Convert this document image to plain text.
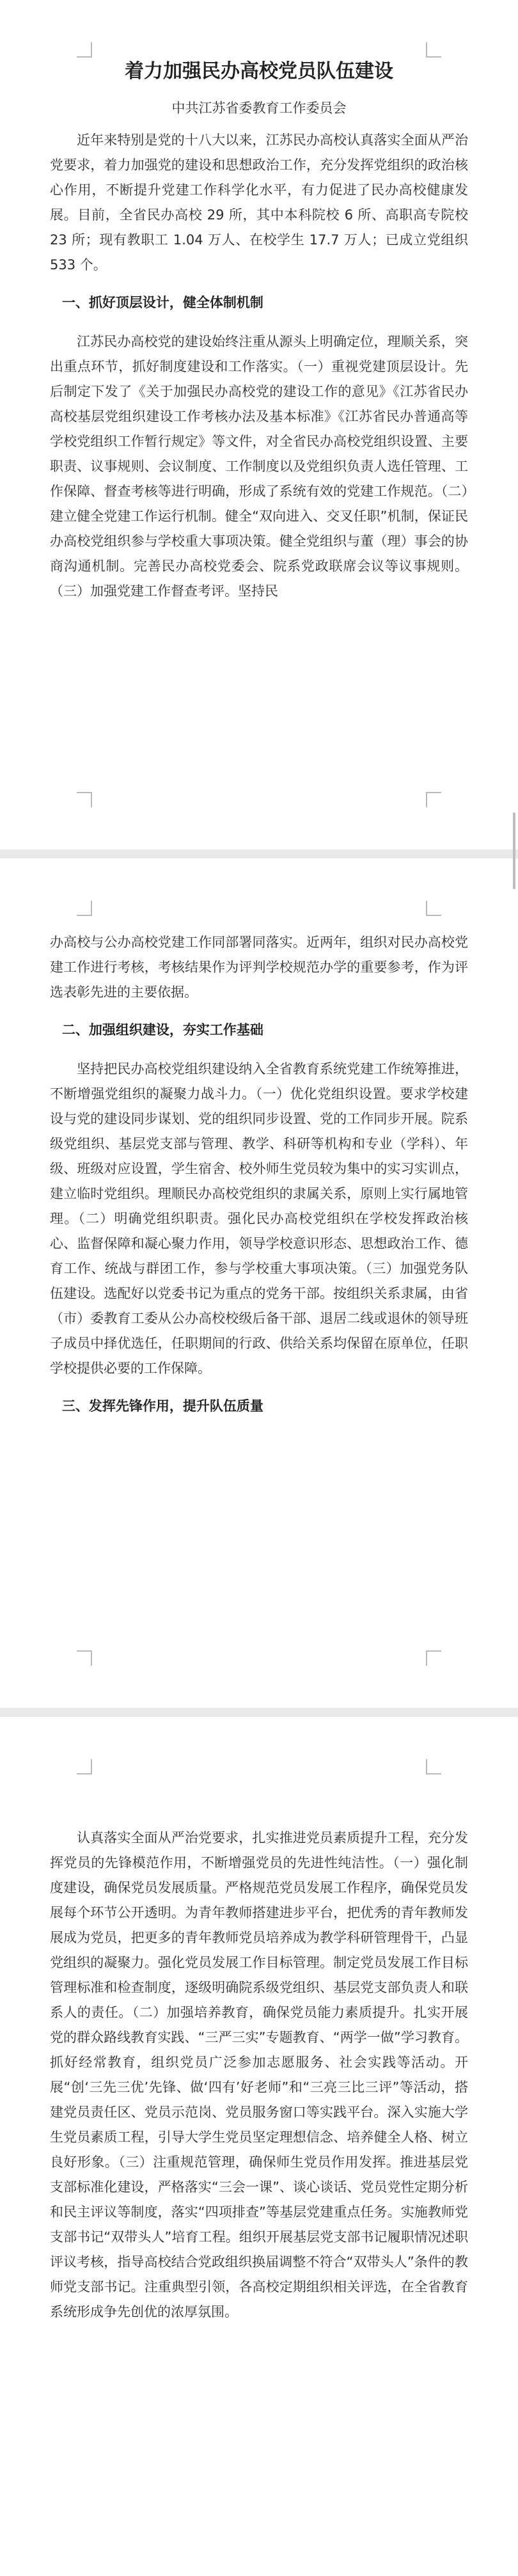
着力加强民办高校党员队伍建设
中共江苏省委教育工作委员会

近年来特别是党的十八大以来，江苏民办高校认真落实全面从严治党要求，着力加强党的建设和思想政治工作，充分发挥党组织的政治核心作用，不断提升党建工作科学化水平，有力促进了民办高校健康发展。目前，全省民办高校 29 所，其中本科院校 6 所、高职高专院校 23 所；现有教职工 1.04 万人、在校学生 17.7 万人；已成立党组织 533 个。

一、抓好顶层设计，健全体制机制

江苏民办高校党的建设始终注重从源头上明确定位，理顺关系，突出重点环节，抓好制度建设和工作落实。（一）重视党建顶层设计。先后制定下发了《关于加强民办高校党的建设工作的意见》《江苏省民办高校基层党组织建设工作考核办法及基本标准》《江苏省民办普通高等学校党组织工作暂行规定》等文件，对全省民办高校党组织设置、主要职责、议事规则、会议制度、工作制度以及党组织负责人选任管理、工作保障、督查考核等进行明确，形成了系统有效的党建工作规范。（二）建立健全党建工作运行机制。健全“双向进入、交叉任职”机制，保证民办高校党组织参与学校重大事项决策。健全党组织与董（理）事会的协商沟通机制。完善民办高校党委会、院系党政联席会议等议事规则。（三）加强党建工作督查考评。坚持民

办高校与公办高校党建工作同部署同落实。近两年，组织对民办高校党建工作进行考核，考核结果作为评判学校规范办学的重要参考，作为评选表彰先进的主要依据。

二、加强组织建设，夯实工作基础

坚持把民办高校党组织建设纳入全省教育系统党建工作统筹推进，不断增强党组织的凝聚力战斗力。（一）优化党组织设置。要求学校建设与党的建设同步谋划、党的组织同步设置、党的工作同步开展。院系级党组织、基层党支部与管理、教学、科研等机构和专业（学科）、年级、班级对应设置，学生宿舍、校外师生党员较为集中的实习实训点，建立临时党组织。理顺民办高校党组织的隶属关系，原则上实行属地管理。（二）明确党组织职责。强化民办高校党组织在学校发挥政治核心、监督保障和凝心聚力作用，领导学校意识形态、思想政治工作、德育工作、统战与群团工作，参与学校重大事项决策。（三）加强党务队伍建设。选配好以党委书记为重点的党务干部。按组织关系隶属，由省（市）委教育工委从公办高校校级后备干部、退居二线或退休的领导班子成员中择优选任，任职期间的行政、供给关系均保留在原单位，任职学校提供必要的工作保障。

三、发挥先锋作用，提升队伍质量

认真落实全面从严治党要求，扎实推进党员素质提升工程，充分发挥党员的先锋模范作用，不断增强党员的先进性纯洁性。（一）强化制度建设，确保党员发展质量。严格规范党员发展工作程序，确保党员发展每个环节公开透明。为青年教师搭建进步平台，把优秀的青年教师发展成为党员，把更多的青年教师党员培养成为教学科研管理骨干，凸显党组织的凝聚力。强化党员发展工作目标管理。制定党员发展工作目标管理标准和检查制度，逐级明确院系级党组织、基层党支部负责人和联系人的责任。（二）加强培养教育，确保党员能力素质提升。扎实开展党的群众路线教育实践、“三严三实”专题教育、“两学一做”学习教育。抓好经常教育，组织党员广泛参加志愿服务、社会实践等活动。开展“创‘三先三优’先锋、做‘四有’好老师”和“三亮三比三评”等活动，搭建党员责任区、党员示范岗、党员服务窗口等实践平台。深入实施大学生党员素质工程，引导大学生党员坚定理想信念、培养健全人格、树立良好形象。（三）注重规范管理，确保师生党员作用发挥。推进基层党支部标准化建设，严格落实“三会一课”、谈心谈话、党员党性定期分析和民主评议等制度，落实“四项排查”等基层党建重点任务。实施教师党支部书记“双带头人”培育工程。组织开展基层党支部书记履职情况述职评议考核，指导高校结合党政组织换届调整不符合“双带头人”条件的教师党支部书记。注重典型引领，各高校定期组织相关评选，在全省教育系统形成争先创优的浓厚氛围。
